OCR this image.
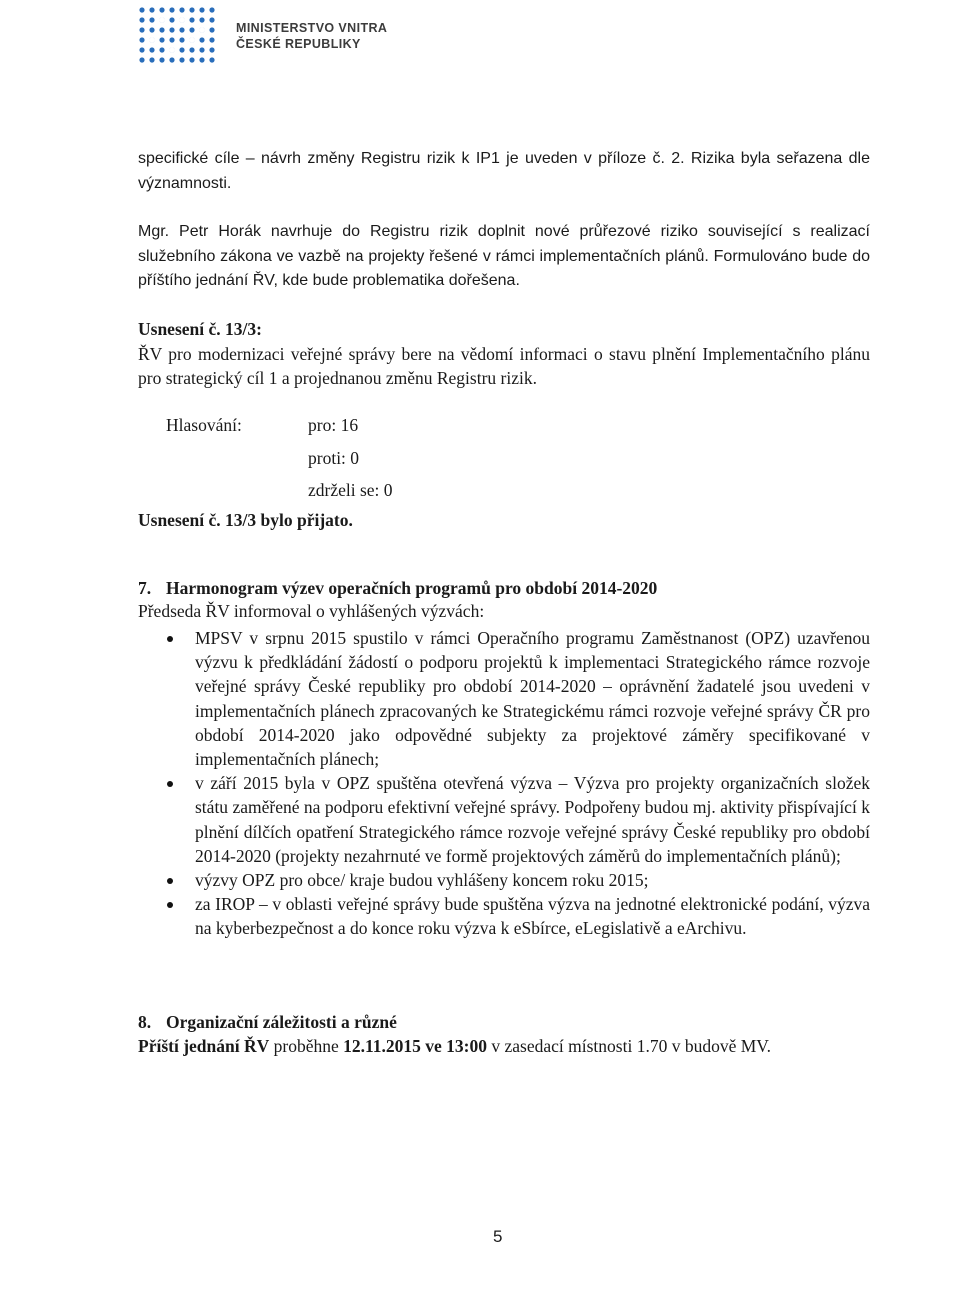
MINISTERSTVO VNITRA
ČESKÉ REPUBLIKY
specifické cíle – návrh změny Registru rizik k IP1 je uveden v příloze č. 2. Rizika byla seřazena dle významnosti.
Mgr. Petr Horák navrhuje do Registru rizik doplnit nové průřezové riziko související s realizací služebního zákona ve vazbě na projekty řešené v rámci implementačních plánů. Formulováno bude do příštího jednání ŘV, kde bude problematika dořešena.
Usnesení č. 13/3:
ŘV pro modernizaci veřejné správy bere na vědomí informaci o stavu plnění Implementačního plánu pro strategický cíl 1 a projednanou změnu Registru rizik.
Hlasování:	pro: 16
proti: 0
zdrželi se: 0
Usnesení č. 13/3 bylo přijato.
7. Harmonogram výzev operačních programů pro období 2014-2020
Předseda ŘV informoval o vyhlášených výzvách:
MPSV v srpnu 2015 spustilo v rámci Operačního programu Zaměstnanost (OPZ) uzavřenou výzvu k předkládání žádostí o podporu projektů k implementaci Strategického rámce rozvoje veřejné správy České republiky pro období 2014-2020 – oprávnění žadatelé jsou uvedeni v implementačních plánech zpracovaných ke Strategickému rámci rozvoje veřejné správy ČR pro období 2014-2020 jako odpovědné subjekty za projektové záměry specifikované v implementačních plánech;
v září 2015 byla v OPZ spuštěna otevřená výzva – Výzva pro projekty organizačních složek státu zaměřené na podporu efektivní veřejné správy. Podpořeny budou mj. aktivity přispívající k plnění dílčích opatření Strategického rámce rozvoje veřejné správy České republiky pro období 2014-2020 (projekty nezahrnuté ve formě projektových záměrů do implementačních plánů);
výzvy OPZ pro obce/ kraje budou vyhlášeny koncem roku 2015;
za IROP – v oblasti veřejné správy bude spuštěna výzva na jednotné elektronické podání, výzva na kyberbezpečnost a do konce roku výzva k eSbírce, eLegislativě a eArchivu.
8. Organizační záležitosti a různé
Příští jednání ŘV proběhne 12.11.2015 ve 13:00 v zasedací místnosti 1.70 v budově MV.
5
